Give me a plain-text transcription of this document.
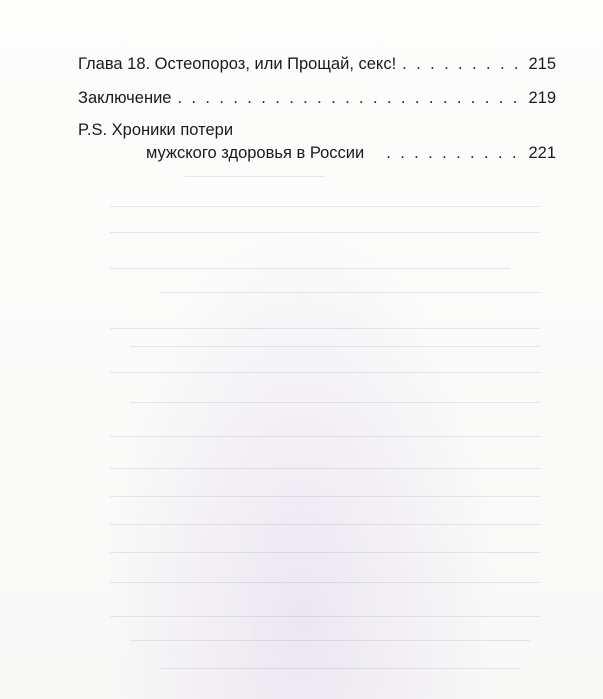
Глава 18. Остеопороз, или Прощай, секс! . . .	215
Заключение . . .	219
P.S. Хроники потери
мужского здоровья в России . . .	221
